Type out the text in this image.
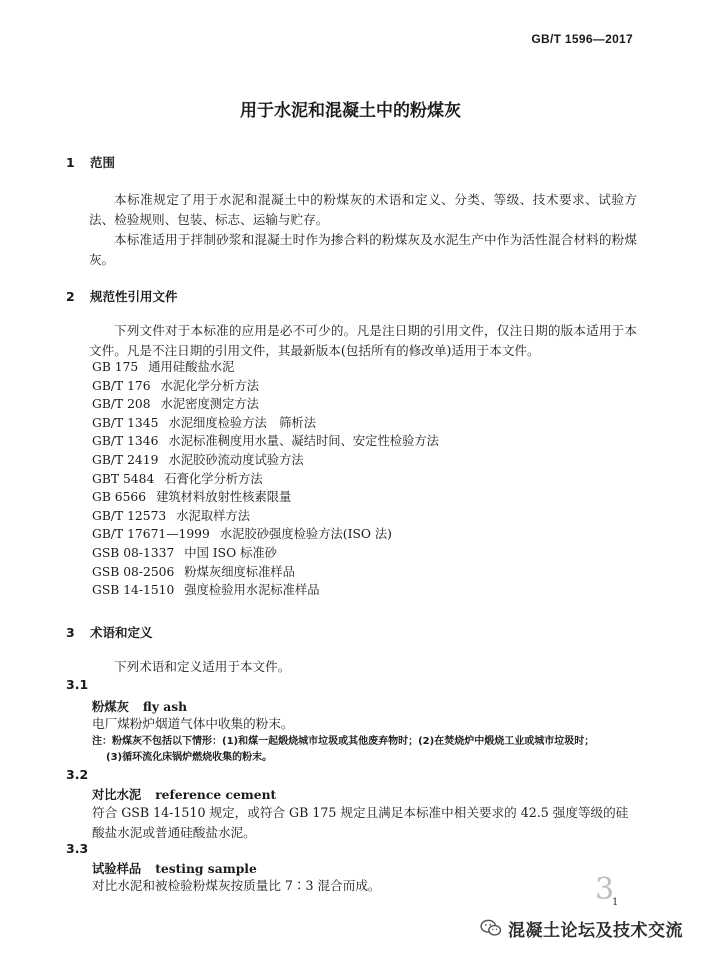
GB/T 1596—2017
用于水泥和混凝土中的粉煤灰
1 范围

本标准规定了用于水泥和混凝土中的粉煤灰的术语和定义、分类、等级、技术要求、试验方法、检验规则、包装、标志、运输与贮存。

本标准适用于拌制砂浆和混凝土时作为掺合料的粉煤灰及水泥生产中作为活性混合材料的粉煤灰。

2 规范性引用文件

下列文件对于本标准的应用是必不可少的。凡是注日期的引用文件，仅注日期的版本适用于本文件。凡是不注日期的引用文件，其最新版本(包括所有的修改单)适用于本文件。

GB 175 通用硅酸盐水泥
GB/T 176 水泥化学分析方法
GB/T 208 水泥密度测定方法
GB/T 1345 水泥细度检验方法　筛析法
GB/T 1346 水泥标准稠度用水量、凝结时间、安定性检验方法
GB/T 2419 水泥胶砂流动度试验方法
GBT 5484 石膏化学分析方法
GB 6566 建筑材料放射性核素限量
GB/T 12573 水泥取样方法
GB/T 17671—1999 水泥胶砂强度检验方法(ISO 法)
GSB 08-1337 中国 ISO 标准砂
GSB 08-2506 粉煤灰细度标准样品
GSB 14-1510 强度检验用水泥标准样品
3 术语和定义

下列术语和定义适用于本文件。

3.1
粉煤灰 fly ash

电厂煤粉炉烟道气体中收集的粉末。

注：粉煤灰不包括以下情形：(1)和煤一起煅烧城市垃圾或其他废弃物时；(2)在焚烧炉中煅烧工业或城市垃圾时；
(3)循环流化床锅炉燃烧收集的粉末。
3.2
对比水泥 reference cement

符合 GSB 14-1510 规定，或符合 GB 175 规定且满足本标准中相关要求的 42.5 强度等级的硅酸盐水泥或普通硅酸盐水泥。

3.3
试验样品 testing sample

对比水泥和被检验粉煤灰按质量比 7∶3 混合而成。	3
1
混凝土论坛及技术交流
